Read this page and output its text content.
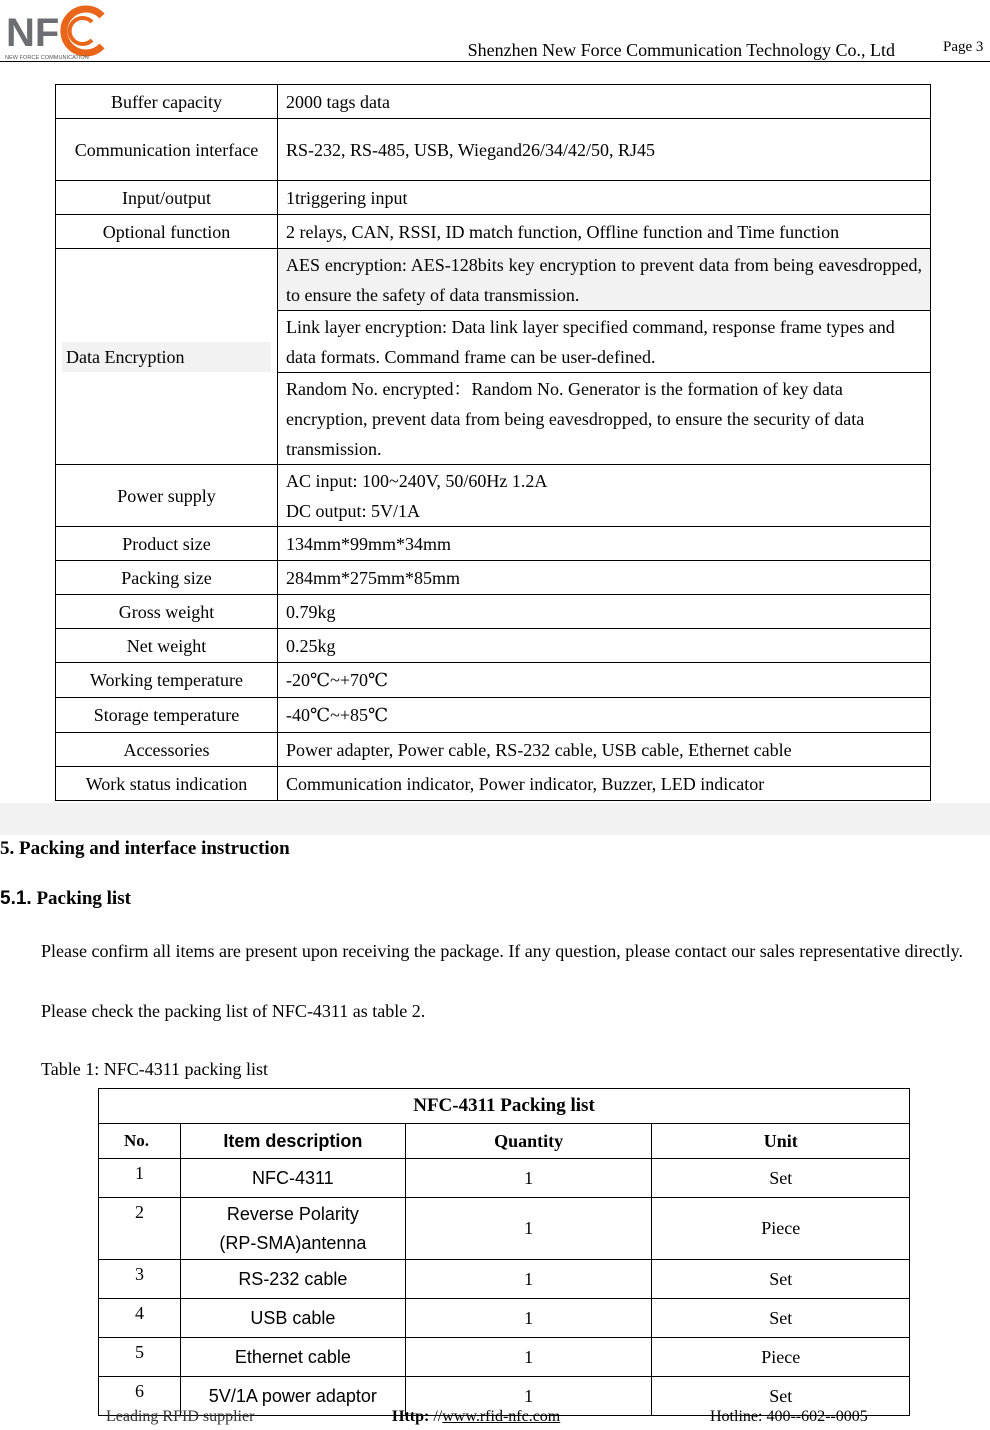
NF
NEW FORCE COMMUNICATION	Shenzhen New Force Communication Technology Co., Ltd	Page 3
Buffer capacity	2000 tags data
Communication interface	RS-232, RS-485, USB, Wiegand26/34/42/50, RJ45
Input/output	1triggering input
Optional function	2 relays, CAN, RSSI, ID match function, Offline function and Time function

Data Encryption	AES encryption: AES-128bits key encryption to prevent data from being eavesdropped, to ensure the safety of data transmission.
	Link layer encryption: Data link layer specified command, response frame types and data formats. Command frame can be user-defined.
	Random No. encrypted：Random No. Generator is the formation of key data encryption, prevent data from being eavesdropped, to ensure the security of data transmission.
Power supply	AC input: 100~240V, 50/60Hz 1.2A
DC output: 5V/1A

Product size	134mm*99mm*34mm
Packing size	284mm*275mm*85mm
Gross weight	0.79kg
Net weight	0.25kg
Working temperature	-20℃~+70℃
Storage temperature	-40℃~+85℃
Accessories	Power adapter, Power cable, RS-232 cable, USB cable, Ethernet cable
Work status indication	Communication indicator, Power indicator, Buzzer, LED indicator
5. Packing and interface instruction
5.1. Packing list
Please confirm all items are present upon receiving the package. If any question, please contact our sales representative directly.
Please check the packing list of NFC-4311 as table 2.
Table 1: NFC-4311 packing list
NFC-4311 Packing list			
No.	Item description	Quantity	Unit
1	NFC-4311	1	Set
2	Reverse Polarity (RP-SMA)antenna	1	Piece
3	RS-232 cable	1	Set
4	USB cable	1	Set
5	Ethernet cable	1	Piece
6	5V/1A power adaptor	1	Set
Leading RFID supplier	Http: //www.rfid-nfc.com	Hotline: 400--602--0005
